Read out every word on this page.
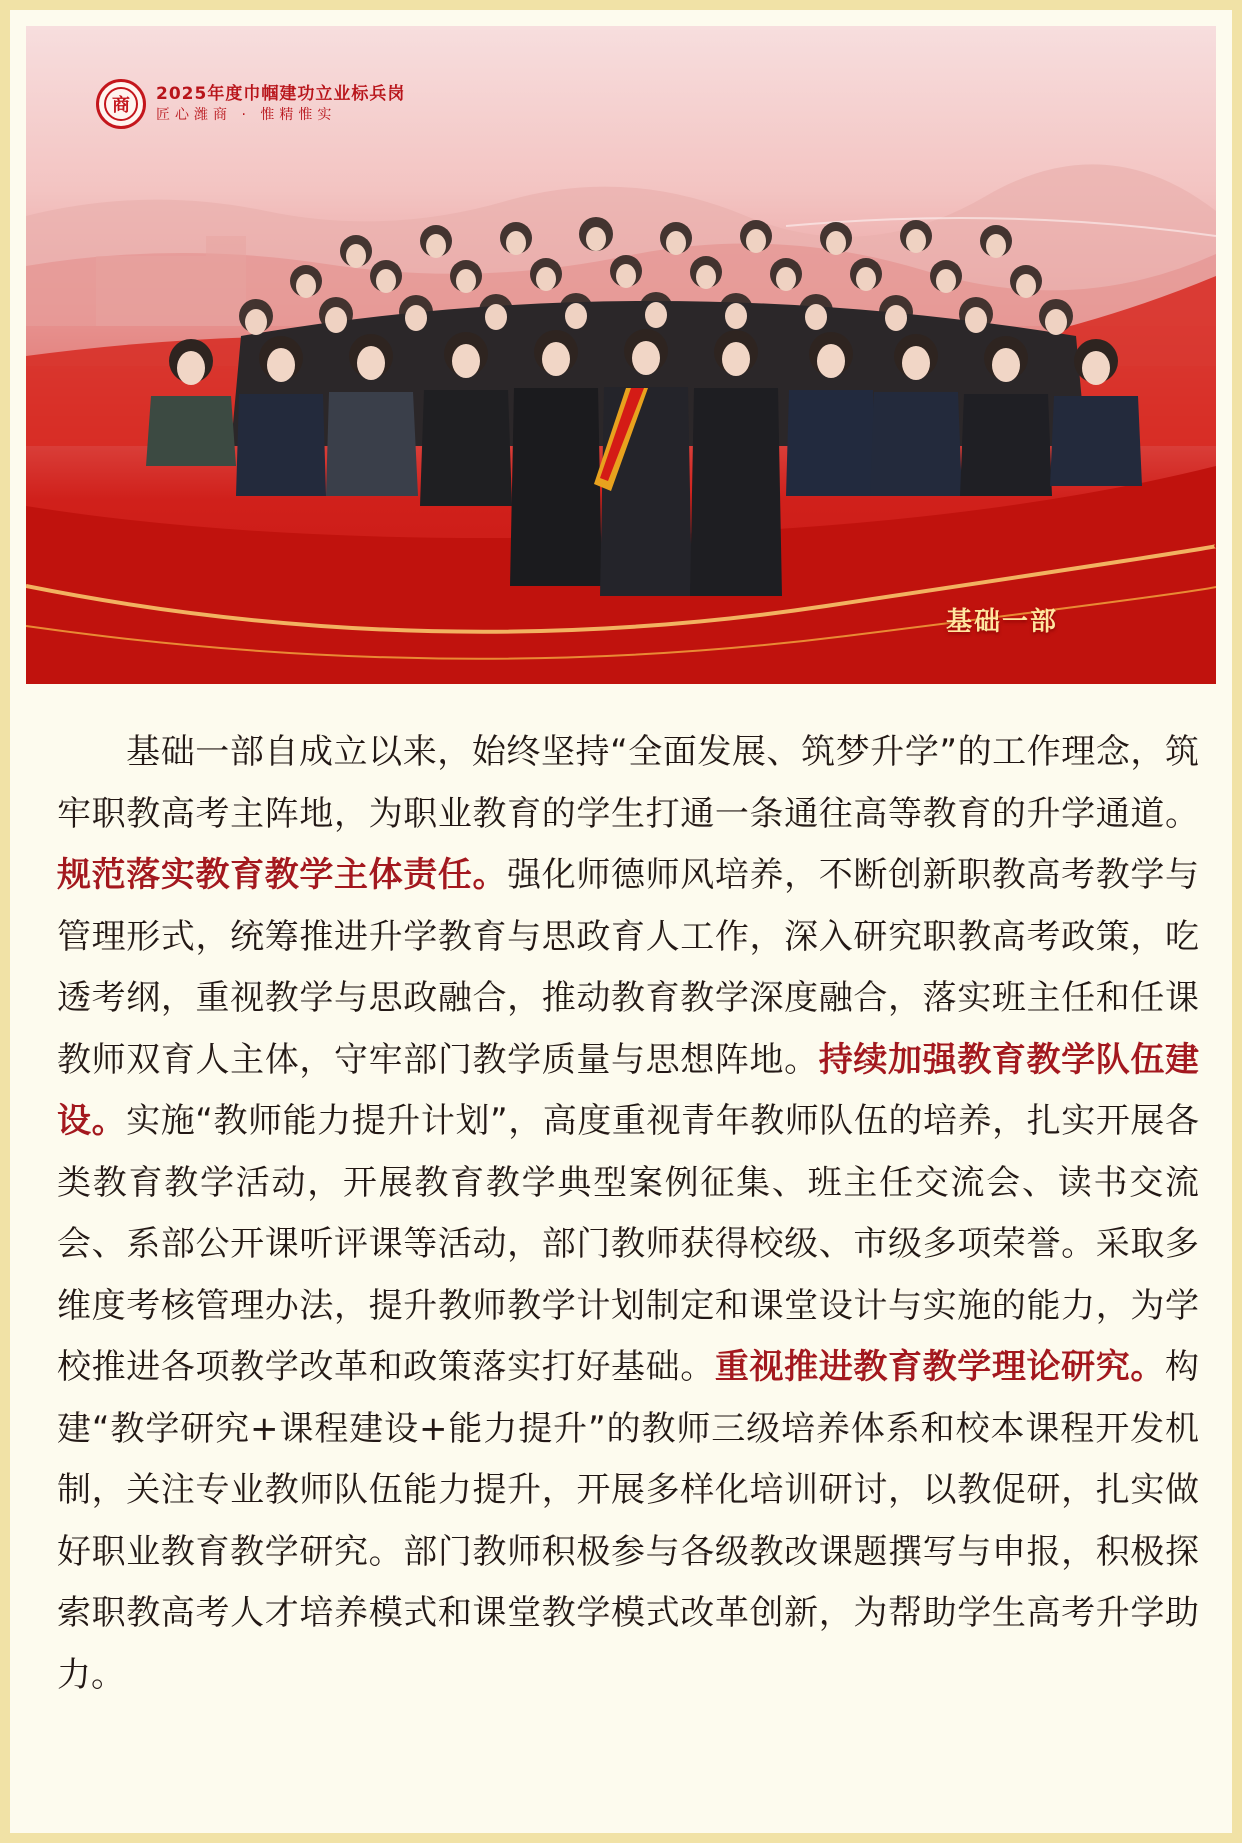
商
2025年度巾帼建功立业标兵岗
匠心潍商 · 惟精惟实
基础一部

　　基础一部自成立以来，始终坚持“全面发展、筑梦升学”的工作理念，筑牢职教高考主阵地，为职业教育的学生打通一条通往高等教育的升学通道。规范落实教育教学主体责任。强化师德师风培养，不断创新职教高考教学与管理形式，统筹推进升学教育与思政育人工作，深入研究职教高考政策，吃透考纲，重视教学与思政融合，推动教育教学深度融合，落实班主任和任课教师双育人主体，守牢部门教学质量与思想阵地。持续加强教育教学队伍建设。实施“教师能力提升计划”，高度重视青年教师队伍的培养，扎实开展各类教育教学活动，开展教育教学典型案例征集、班主任交流会、读书交流会、系部公开课听评课等活动，部门教师获得校级、市级多项荣誉。采取多维度考核管理办法，提升教师教学计划制定和课堂设计与实施的能力，为学校推进各项教学改革和政策落实打好基础。重视推进教育教学理论研究。构建“教学研究+课程建设+能力提升”的教师三级培养体系和校本课程开发机制，关注专业教师队伍能力提升，开展多样化培训研讨，以教促研，扎实做好职业教育教学研究。部门教师积极参与各级教改课题撰写与申报，积极探索职教高考人才培养模式和课堂教学模式改革创新，为帮助学生高考升学助力。
